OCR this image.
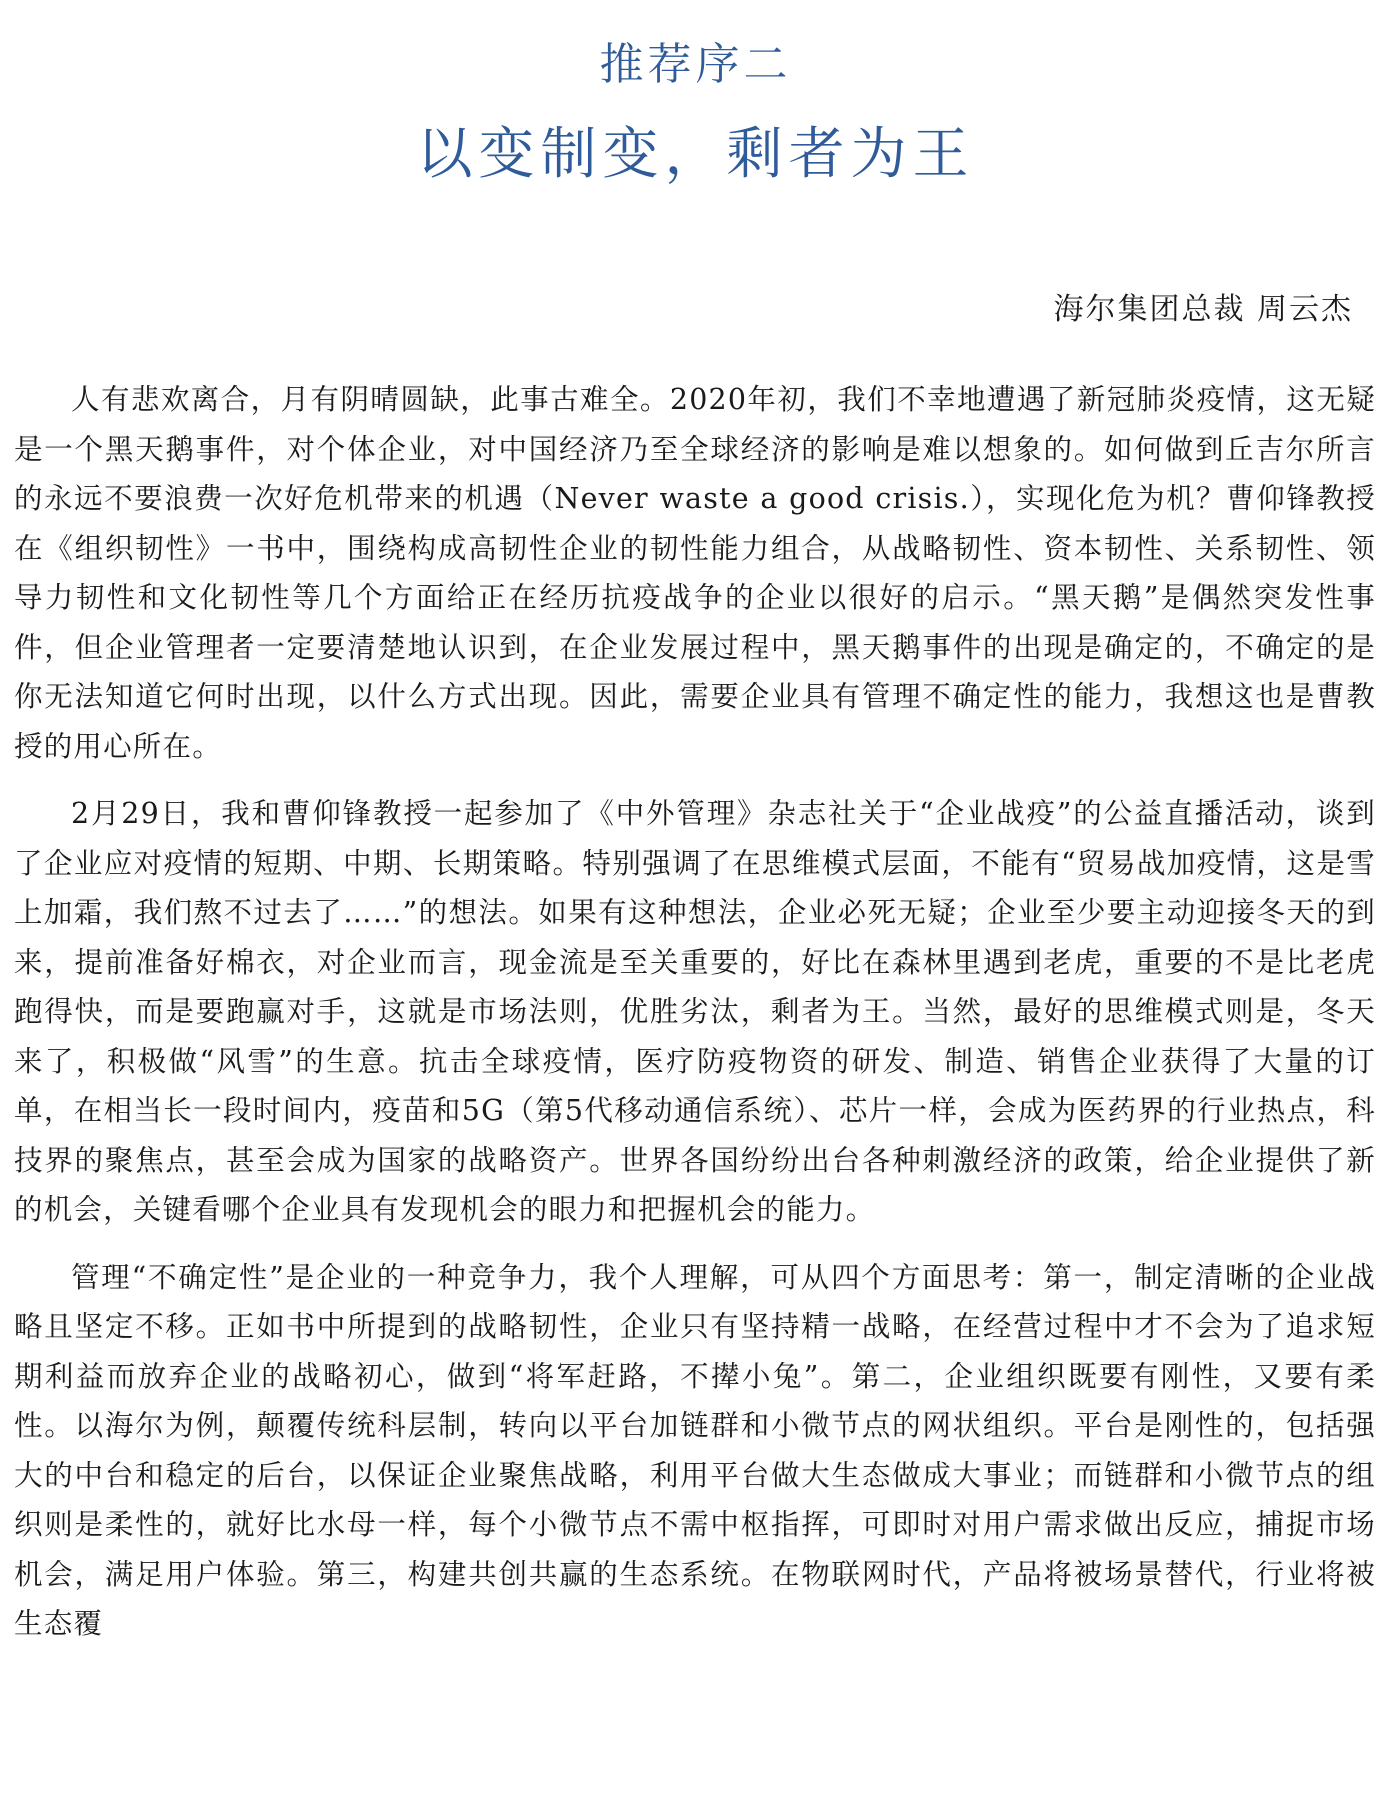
推荐序二
以变制变，剩者为王
海尔集团总裁 周云杰

人有悲欢离合，月有阴晴圆缺，此事古难全。2020年初，我们不幸地遭遇了新冠肺炎疫情，这无疑是一个黑天鹅事件，对个体企业，对中国经济乃至全球经济的影响是难以想象的。如何做到丘吉尔所言的永远不要浪费一次好危机带来的机遇（Never waste a good crisis.），实现化危为机？曹仰锋教授在《组织韧性》一书中，围绕构成高韧性企业的韧性能力组合，从战略韧性、资本韧性、关系韧性、领导力韧性和文化韧性等几个方面给正在经历抗疫战争的企业以很好的启示。“黑天鹅”是偶然突发性事件，但企业管理者一定要清楚地认识到，在企业发展过程中，黑天鹅事件的出现是确定的，不确定的是你无法知道它何时出现，以什么方式出现。因此，需要企业具有管理不确定性的能力，我想这也是曹教授的用心所在。

2月29日，我和曹仰锋教授一起参加了《中外管理》杂志社关于“企业战疫”的公益直播活动，谈到了企业应对疫情的短期、中期、长期策略。特别强调了在思维模式层面，不能有“贸易战加疫情，这是雪上加霜，我们熬不过去了……”的想法。如果有这种想法，企业必死无疑；企业至少要主动迎接冬天的到来，提前准备好棉衣，对企业而言，现金流是至关重要的，好比在森林里遇到老虎，重要的不是比老虎跑得快，而是要跑赢对手，这就是市场法则，优胜劣汰，剩者为王。当然，最好的思维模式则是，冬天来了，积极做“风雪”的生意。抗击全球疫情，医疗防疫物资的研发、制造、销售企业获得了大量的订单，在相当长一段时间内，疫苗和5G（第5代移动通信系统）、芯片一样，会成为医药界的行业热点，科技界的聚焦点，甚至会成为国家的战略资产。世界各国纷纷出台各种刺激经济的政策，给企业提供了新的机会，关键看哪个企业具有发现机会的眼力和把握机会的能力。

管理“不确定性”是企业的一种竞争力，我个人理解，可从四个方面思考：第一，制定清晰的企业战略且坚定不移。正如书中所提到的战略韧性，企业只有坚持精一战略，在经营过程中才不会为了追求短期利益而放弃企业的战略初心，做到“将军赶路，不撵小兔”。第二，企业组织既要有刚性，又要有柔性。以海尔为例，颠覆传统科层制，转向以平台加链群和小微节点的网状组织。平台是刚性的，包括强大的中台和稳定的后台，以保证企业聚焦战略，利用平台做大生态做成大事业；而链群和小微节点的组织则是柔性的，就好比水母一样，每个小微节点不需中枢指挥，可即时对用户需求做出反应，捕捉市场机会，满足用户体验。第三，构建共创共赢的生态系统。在物联网时代，产品将被场景替代，行业将被生态覆
